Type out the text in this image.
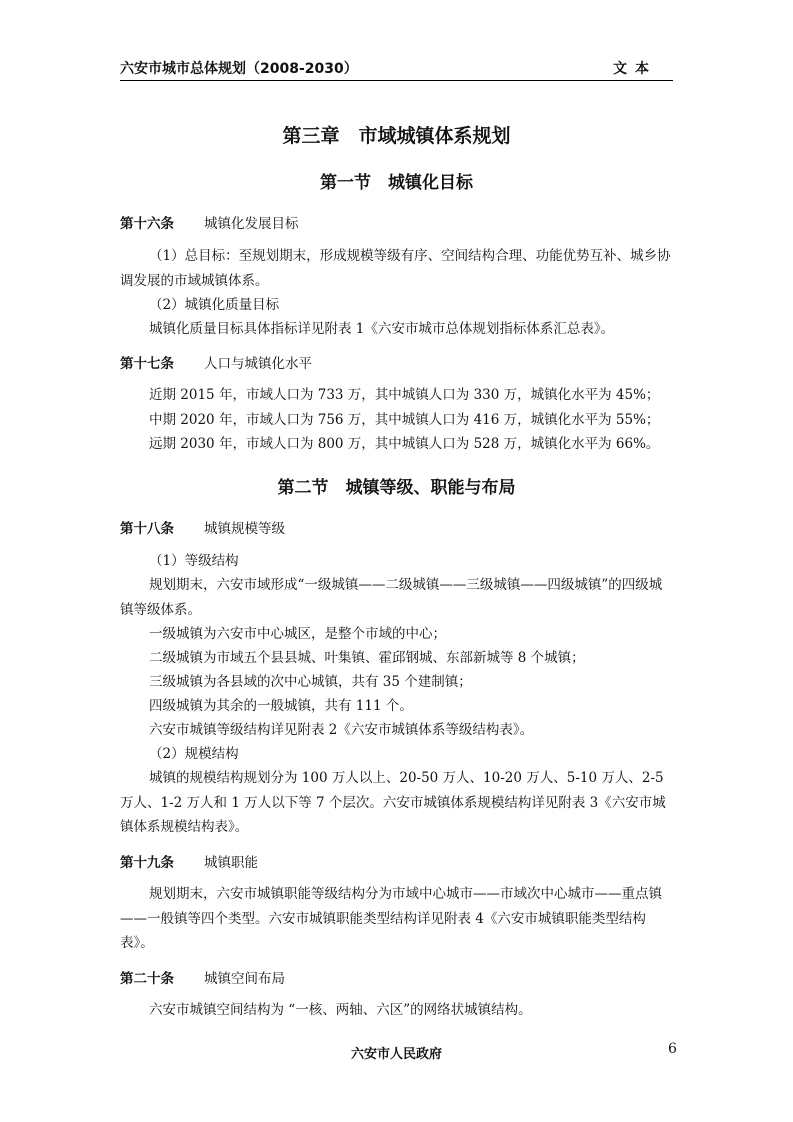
六安市城市总体规划（2008-2030）	文本
第三章　市域城镇体系规划
第一节　城镇化目标
第十六条 城镇化发展目标
（1）总目标：至规划期末，形成规模等级有序、空间结构合理、功能优势互补、城乡协调发展的市域城镇体系。
（2）城镇化质量目标
城镇化质量目标具体指标详见附表 1《六安市城市总体规划指标体系汇总表》。
第十七条 人口与城镇化水平
近期 2015 年，市域人口为 733 万，其中城镇人口为 330 万，城镇化水平为 45%；
中期 2020 年，市域人口为 756 万，其中城镇人口为 416 万，城镇化水平为 55%；
远期 2030 年，市域人口为 800 万，其中城镇人口为 528 万，城镇化水平为 66%。
第二节　城镇等级、职能与布局
第十八条 城镇规模等级
（1）等级结构
规划期末，六安市域形成“一级城镇——二级城镇——三级城镇——四级城镇”的四级城镇等级体系。
一级城镇为六安市中心城区，是整个市域的中心；
二级城镇为市域五个县县城、叶集镇、霍邱钢城、东部新城等 8 个城镇；
三级城镇为各县域的次中心城镇，共有 35 个建制镇；
四级城镇为其余的一般城镇，共有 111 个。
六安市城镇等级结构详见附表 2《六安市城镇体系等级结构表》。
（2）规模结构
城镇的规模结构规划分为 100 万人以上、20-50 万人、10-20 万人、5-10 万人、2-5 万人、1-2 万人和 1 万人以下等 7 个层次。六安市城镇体系规模结构详见附表 3《六安市城镇体系规模结构表》。
第十九条 城镇职能
规划期末，六安市城镇职能等级结构分为市域中心城市——市域次中心城市——重点镇——一般镇等四个类型。六安市城镇职能类型结构详见附表 4《六安市城镇职能类型结构表》。
第二十条 城镇空间布局
六安市城镇空间结构为 “一核、两轴、六区”的网络状城镇结构。
六安市人民政府	6
